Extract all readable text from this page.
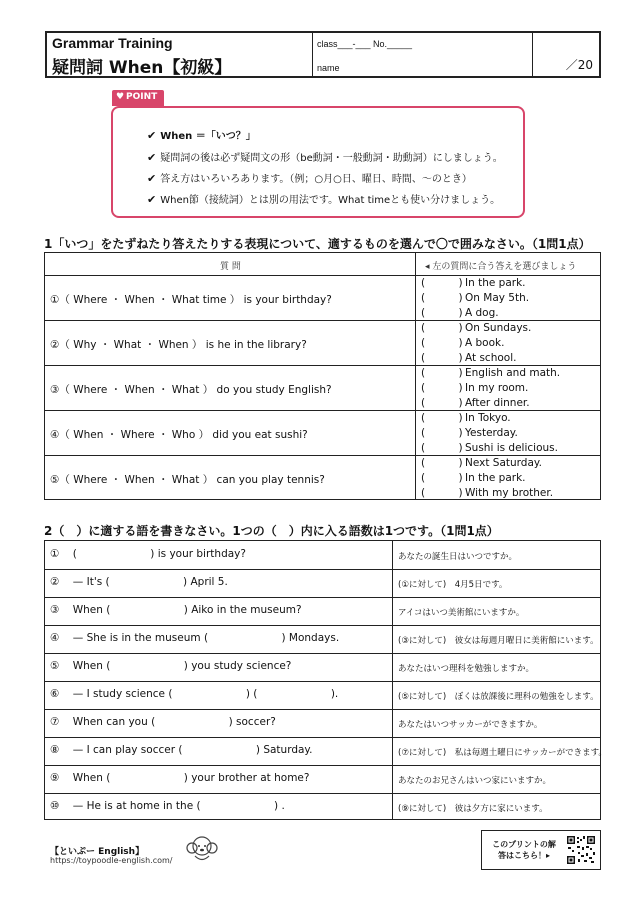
Grammar Training
疑問詞 When【初級】
class___-___ No._____
name	／20
♥ POINT
✔ When ＝「いつ？」
✔ 疑問詞の後は必ず疑問文の形（be動詞・一般動詞・助動詞）にしましょう。
✔ 答え方はいろいろあります。（例；○月○日、曜日、時間、～のとき）
✔ When節（接続詞）とは別の用法です。What timeとも使い分けましょう。
1「いつ」をたずねたり答えたりする表現について、適するものを選んで〇で囲みなさい。（1問1点）
質 問	◂ 左の質問に合う答えを選びましょう
①（ Where ・ When ・ What time ） is your birthday?
②（ Why ・ What ・ When ） is he in the library?
③（ Where ・ When ・ What ） do you study English?
④（ When ・ Where ・ Who ） did you eat sushi?
⑤（ Where ・ When ・ What ） can you play tennis?
(          ) In the park.
(          ) On May 5th.
(          ) A dog.
(          ) On Sundays.
(          ) A book.
(          ) At school.
(          ) English and math.
(          ) In my room.
(          ) After dinner.
(          ) In Tokyo.
(          ) Yesterday.
(          ) Sushi is delicious.
(          ) Next Saturday.
(          ) In the park.
(          ) With my brother.
2（　）に適する語を書きなさい。1つの（　）内に入る語数は1つです。（1問1点）
①    (                      ) is your birthday?
②    — It's (                      ) April 5.
③    When (                      ) Aiko in the museum?
④    — She is in the museum (                      ) Mondays.
⑤    When (                      ) you study science?
⑥    — I study science (                      ) (                      ).
⑦    When can you (                      ) soccer?
⑧    — I can play soccer (                      ) Saturday.
⑨    When (                      ) your brother at home?
⑩    — He is at home in the (                      ) .
あなたの誕生日はいつですか。
(①に対して)　4月5日です。
アイコはいつ美術館にいますか。
(③に対して)　彼女は毎週月曜日に美術館にいます。
あなたはいつ理科を勉強しますか。
(⑤に対して)　ぼくは放課後に理科の勉強をします。
あなたはいつサッカーができますか。
(⑦に対して)　私は毎週土曜日にサッカーができます。
あなたのお兄さんはいつ家にいますか。
(⑨に対して)　彼は夕方に家にいます。
【といぷー English】
https://toypoodle-english.com/
このプリントの解答はこちら！▸
